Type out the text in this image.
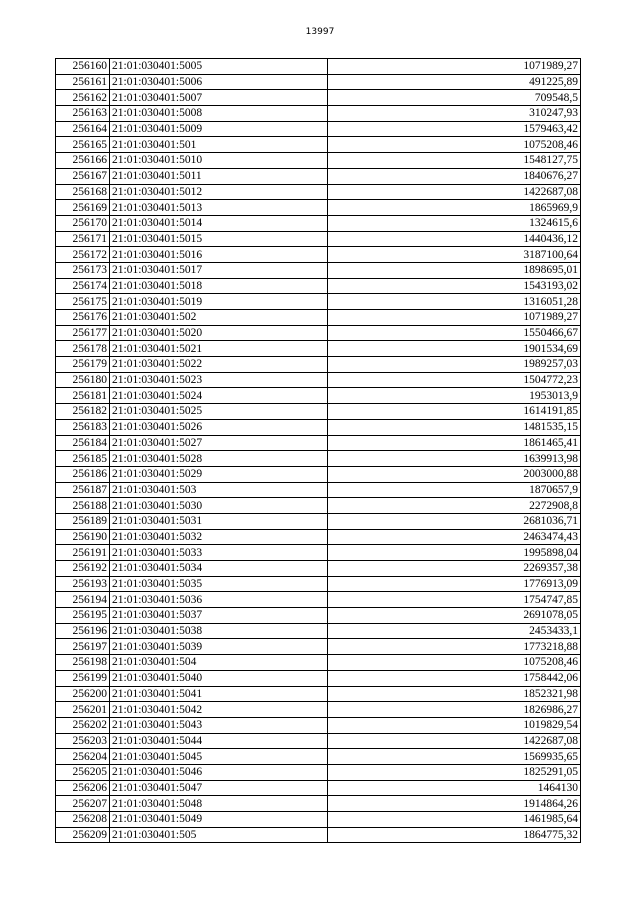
13997
256160	21:01:030401:5005	1071989,27
256161	21:01:030401:5006	491225,89
256162	21:01:030401:5007	709548,5
256163	21:01:030401:5008	310247,93
256164	21:01:030401:5009	1579463,42
256165	21:01:030401:501	1075208,46
256166	21:01:030401:5010	1548127,75
256167	21:01:030401:5011	1840676,27
256168	21:01:030401:5012	1422687,08
256169	21:01:030401:5013	1865969,9
256170	21:01:030401:5014	1324615,6
256171	21:01:030401:5015	1440436,12
256172	21:01:030401:5016	3187100,64
256173	21:01:030401:5017	1898695,01
256174	21:01:030401:5018	1543193,02
256175	21:01:030401:5019	1316051,28
256176	21:01:030401:502	1071989,27
256177	21:01:030401:5020	1550466,67
256178	21:01:030401:5021	1901534,69
256179	21:01:030401:5022	1989257,03
256180	21:01:030401:5023	1504772,23
256181	21:01:030401:5024	1953013,9
256182	21:01:030401:5025	1614191,85
256183	21:01:030401:5026	1481535,15
256184	21:01:030401:5027	1861465,41
256185	21:01:030401:5028	1639913,98
256186	21:01:030401:5029	2003000,88
256187	21:01:030401:503	1870657,9
256188	21:01:030401:5030	2272908,8
256189	21:01:030401:5031	2681036,71
256190	21:01:030401:5032	2463474,43
256191	21:01:030401:5033	1995898,04
256192	21:01:030401:5034	2269357,38
256193	21:01:030401:5035	1776913,09
256194	21:01:030401:5036	1754747,85
256195	21:01:030401:5037	2691078,05
256196	21:01:030401:5038	2453433,1
256197	21:01:030401:5039	1773218,88
256198	21:01:030401:504	1075208,46
256199	21:01:030401:5040	1758442,06
256200	21:01:030401:5041	1852321,98
256201	21:01:030401:5042	1826986,27
256202	21:01:030401:5043	1019829,54
256203	21:01:030401:5044	1422687,08
256204	21:01:030401:5045	1569935,65
256205	21:01:030401:5046	1825291,05
256206	21:01:030401:5047	1464130
256207	21:01:030401:5048	1914864,26
256208	21:01:030401:5049	1461985,64
256209	21:01:030401:505	1864775,32
